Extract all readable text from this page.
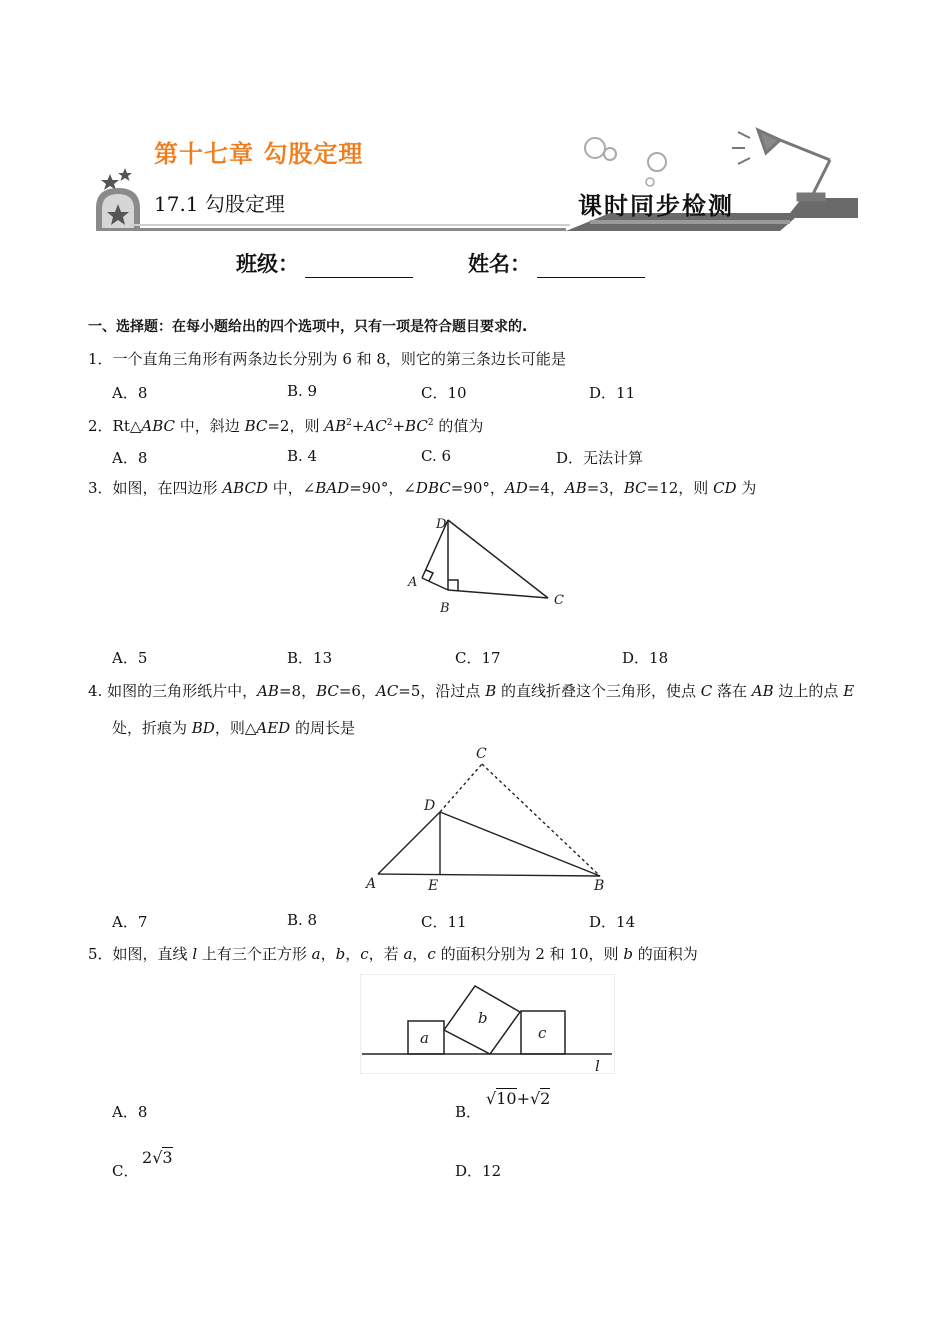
第十七章 勾股定理
17.1 勾股定理	课时同步检测
班级：	姓名：
一、选择题：在每小题给出的四个选项中，只有一项是符合题目要求的.
1．一个直角三角形有两条边长分别为 6 和 8，则它的第三条边长可能是
A．8	B. 9	C．10	D．11
2．Rt△ABC 中，斜边 BC=2，则 $AB^2+AC^2+BC^2$ 的值为
A．8	B. 4	C. 6	D．无法计算
3．如图，在四边形 ABCD 中，∠BAD=90°，∠DBC=90°，AD=4，AB=3，BC=12，则 CD 为
D
A
B
C
A．5	B．13	C．17	D．18
4. 如图的三角形纸片中，AB=8，BC=6，AC=5，沿过点 B 的直线折叠这个三角形，使点 C 落在 AB 边上的点 E
处，折痕为 BD，则△AED 的周长是
C
D
A	E	B
A．7	B. 8	C．11	D．14
5．如图，直线 l 上有三个正方形 a，b，c，若 a，c 的面积分别为 2 和 10，则 b 的面积为
a
b
c
l
A．8	B．
√10+√2
C．
2√3
D．12
